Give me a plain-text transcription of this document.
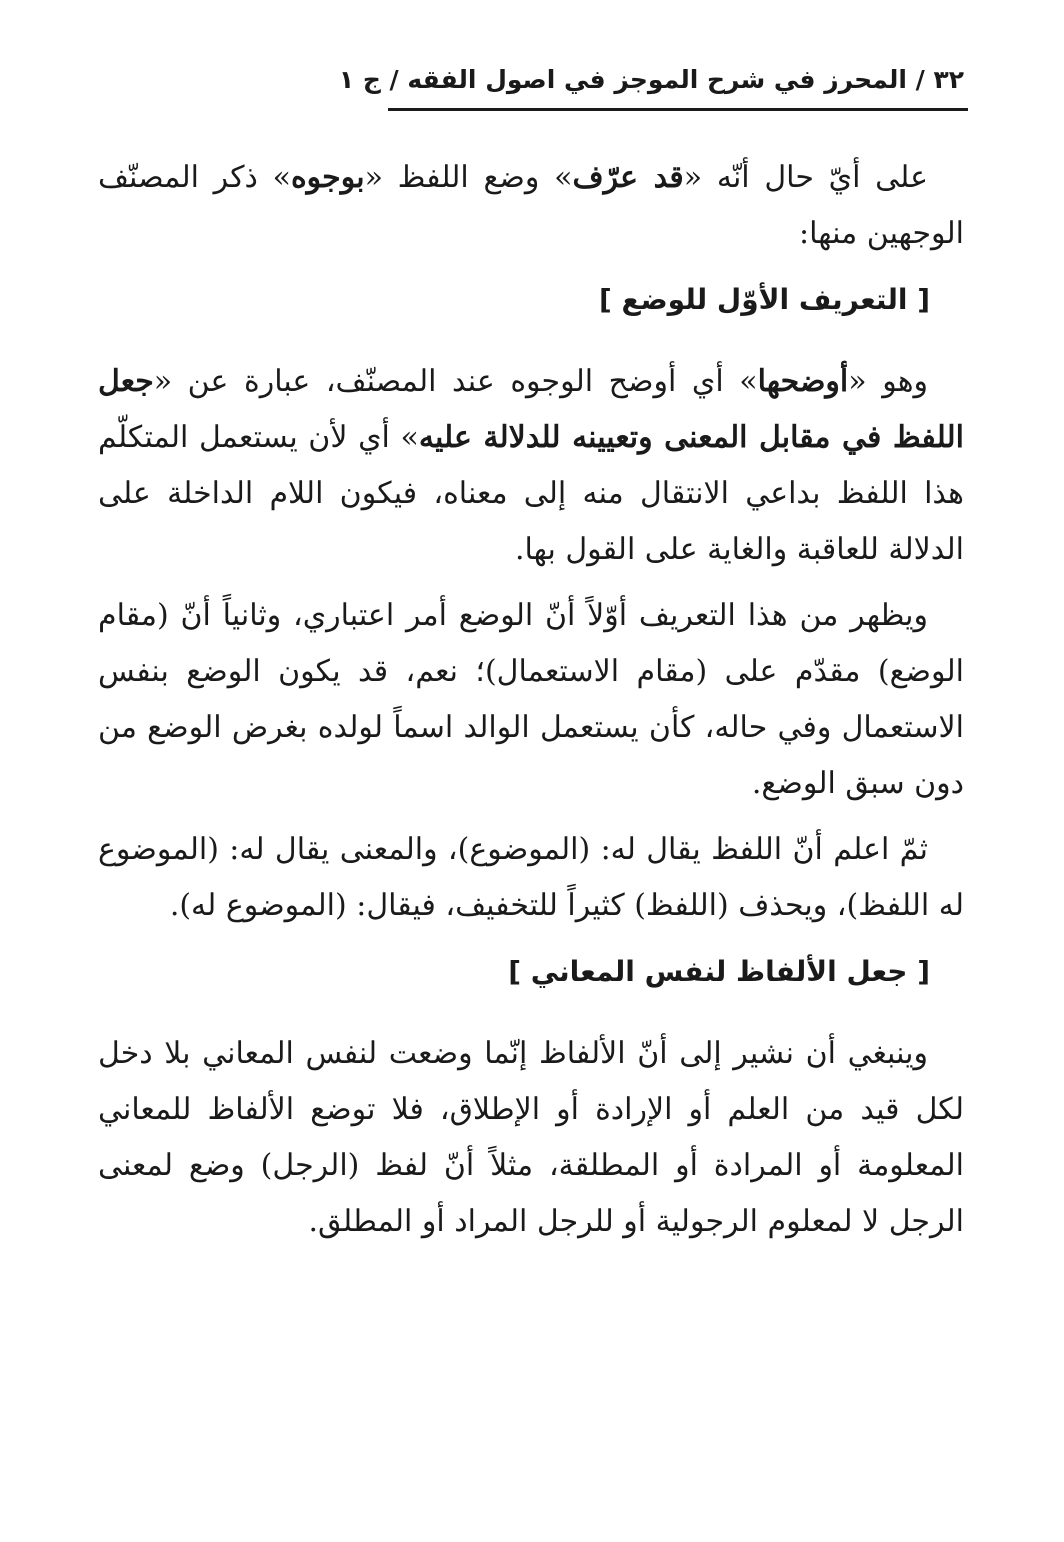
٣٢ / المحرز في شرح الموجز في اصول الفقه / ج ١

على أيّ حال أنّه «قد عرّف» وضع اللفظ «بوجوه» ذكر المصنّف الوجهين منها:

[ التعريف الأوّل للوضع ]

وهو «أوضحها» أي أوضح الوجوه عند المصنّف، عبارة عن «جعل اللفظ في مقابل المعنى وتعيينه للدلالة عليه» أي لأن يستعمل المتكلّم هذا اللفظ بداعي الانتقال منه إلى معناه، فيكون اللام الداخلة على الدلالة للعاقبة والغاية على القول بها.

ويظهر من هذا التعريف أوّلاً أنّ الوضع أمر اعتباري، وثانياً أنّ (مقام الوضع) مقدّم على (مقام الاستعمال)؛ نعم، قد يكون الوضع بنفس الاستعمال وفي حاله، كأن يستعمل الوالد اسماً لولده بغرض الوضع من دون سبق الوضع.

ثمّ اعلم أنّ اللفظ يقال له: (الموضوع)، والمعنى يقال له: (الموضوع له اللفظ)، ويحذف (اللفظ) كثيراً للتخفيف، فيقال: (الموضوع له).

[ جعل الألفاظ لنفس المعاني ]

وينبغي أن نشير إلى أنّ الألفاظ إنّما وضعت لنفس المعاني بلا دخل لكل قيد من العلم أو الإرادة أو الإطلاق، فلا توضع الألفاظ للمعاني المعلومة أو المرادة أو المطلقة، مثلاً أنّ لفظ (الرجل) وضع لمعنى الرجل لا لمعلوم الرجولية أو للرجل المراد أو المطلق.
